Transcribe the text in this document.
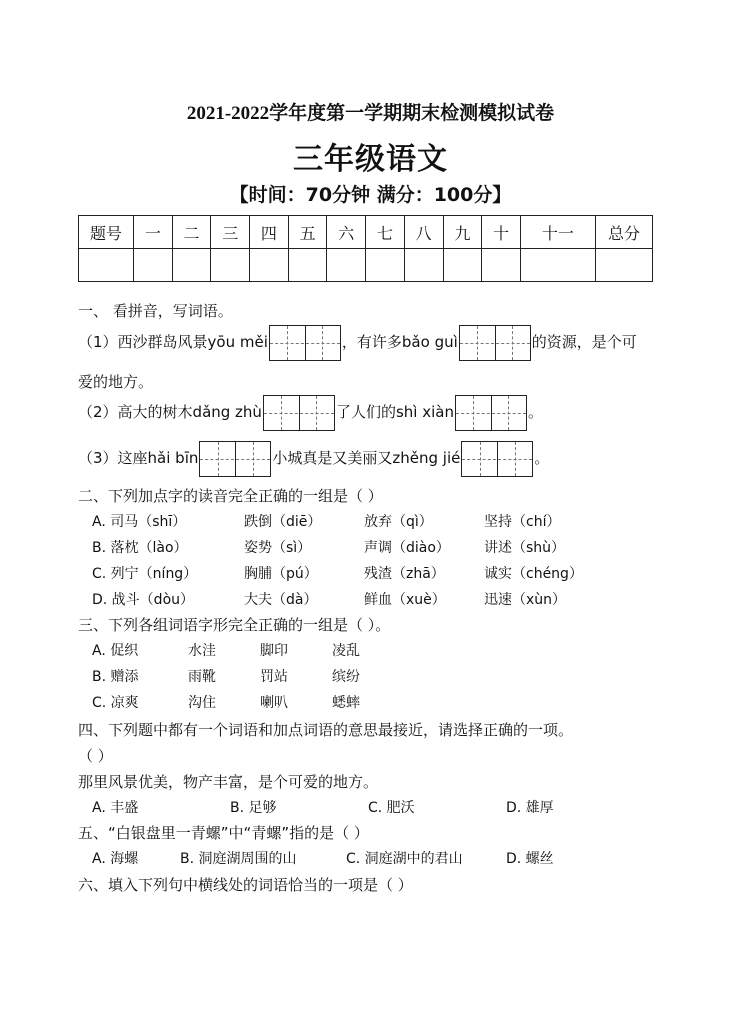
2021-2022学年度第一学期期末检测模拟试卷
三年级语文
【时间：70分钟 满分：100分】
题号	一	二	三	四	五	六	七	八	九	十	十一	总分

一、 看拼音，写词语。
（1）西沙群岛风景yōu měi	，有许多bǎo guì	的资源，是个可
爱的地方。
（2）高大的树木dǎng zhù	了人们的shì xiàn	。
（3）这座hǎi bīn	小城真是又美丽又zhěng jié	。
二、下列加点字的读音完全正确的一组是（ ）
A. 司马（shī）	跌倒（diē）	放弃（qì）	坚持（chí）
B. 落枕（lào）	姿势（sì）	声调（diào） 讲述（shù）
C. 列宁（níng）	胸脯（pú）	残渣（zhā）	诚实（chéng）
D. 战斗（dòu）	大夫（dà）	鲜血（xuè）	迅速（xùn）
三、下列各组词语字形完全正确的一组是（ ）。
A. 促织	水洼	脚印	凌乱
B. 赠添	雨靴	罚站	缤纷
C. 凉爽	沟住	喇叭	蟋蟀
四、下列题中都有一个词语和加点词语的意思最接近，请选择正确的一项。
（ ）
那里风景优美，物产丰富，是个可爱的地方。
A. 丰盛	B. 足够	C. 肥沃	D. 雄厚
五、“白银盘里一青螺”中“青螺”指的是（ ）
A. 海螺	B. 洞庭湖周围的山	C. 洞庭湖中的君山	D. 螺丝
六、填入下列句中横线处的词语恰当的一项是（ ）
